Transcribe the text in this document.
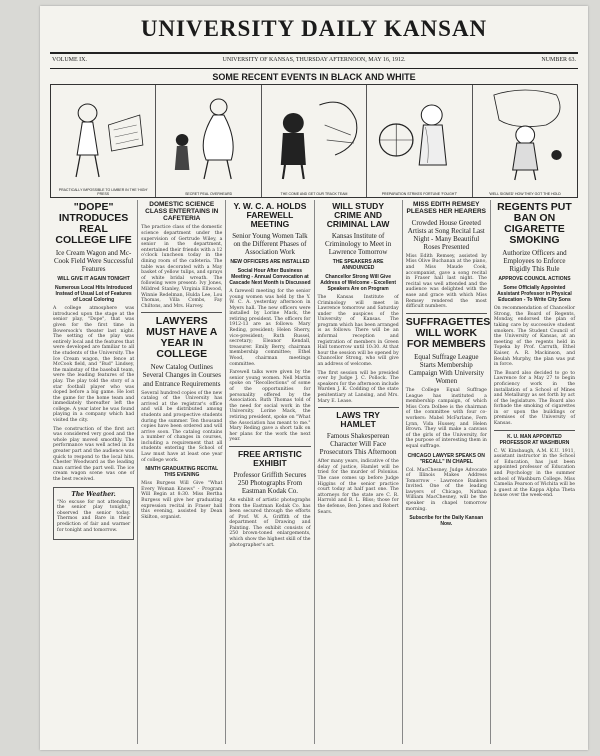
UNIVERSITY DAILY KANSAN
VOLUME IX.	UNIVERSITY OF KANSAS, THURSDAY AFTERNOON, MAY 16, 1912.	NUMBER 63.
SOME RECENT EVENTS IN BLACK AND WHITE
PRACTICALLY IMPOSSIBLE TO LIMBER IN THE 'HIGH' PRESS	SECRET PEAL OVERHEARD	THE COME AND GET OUR TRACK TEAM	PREPARATION STRIKES FORTUNE 'FOUGHT'	'WELL SIGNED' HOW THEY GOT THE HOLD
"DOPE" INTRODUCES REAL COLLEGE LIFE
Ice Cream Wagon and Mc-Cook Field Were Successful Features
WILL GIVE IT AGAIN TONIGHT
Numerous Local Hits Introduced Instead of Usual Lot of Features of Local Coloring

A college atmosphere was introduced upon the stage at the senior play, "Dope", that was given for the first time in Bowersock's theater last night. The setting of the play was entirely local and the features that were developed are familiar to all the students of the University. The Ice Cream wagon, the fence at McCook field, and "Bud" Lindsey, the mainstay of the baseball team, were the leading features of the play. The play told the story of a star football player who was doped before a big game. He lost the game for the home team and immediately thereafter left the college. A year later he was found playing in a company which had visited the city.

The construction of the first act was considered very good and the whole play moved smoothly. The performance was well acted in its greater part and the audience was quick to respond to the local hits. Chester Woodward as the leading man carried the part well. The ice cream wagon scene was one of the best received.

The Weather.

"No excuse for not attending the senior play tonight," observed the senior today. Thermos and Bare in their prediction of fair and warmer for tonight and tomorrow.

DOMESTIC SCIENCE CLASS ENTERTAINS IN CAFETERIA

The practice class of the domestic science department under the supervision of Gertrude Wiley, a senior in the department, entertained their friends with a 12 o'clock luncheon today in the dining room of the cafeteria. The table was decorated with a May basket of yellow tulips, and sprays of white bridal wreath. The following were present: Ivy Jones, Mildred Stanley, Virginia Ellwood, Winnie Redelman, Hulda Lee, Lou Thomas, Villa Combs, Fay Chiltons, and Mrs. Harvey.

LAWYERS MUST HAVE A YEAR IN COLLEGE
New Catalog Outlines Several Changes in Courses and Entrance Requirements

Several hundred copies of the new catalog of the University has arrived at the registrar's office and will be distributed among students and prospective students during the summer. Ten thousand copies have been ordered and will arrive soon. The catalog contains a number of changes in courses, including a requirement that all students entering the School of Law must have at least one year of college work.

NINTH GRADUATING RECITAL THIS EVENING

Miss Burgess Will Give "What Every Woman Knows" - Program Will Begin at 8:30. Miss Bertha Burgess will give her graduating expression recital in Fraser hall this evening, assisted by Dean Skilton, organist.

Y. W. C. A. HOLDS FAREWELL MEETING
Senior Young Women Talk on the Different Phases of Association Work
NEW OFFICERS ARE INSTALLED
Social Hour After Business Meeting - Annual Convocation at Cascade Next Month is Discussed

A farewell meeting for the senior young women was held by the Y. W. C. A. yesterday afternoon in Myers hall. The new officers were installed by Lorine Mack, the retiring president. The officers for 1912-13 are as follows: Mary Reding, president; Helen Sherry, vice-president; Ruth Russel, secretary; Eleanor Kendall, treasurer. Emily Berry, chairman membership committee; Ethel Wood, chairman meetings committee.

Farewell talks were given by the senior young women. Nell Martin spoke on "Recollections" of some of the opportunities for personality offered by the Association. Ruth Thomas told of the need for social work in the University. Lorine Mack, the retiring president, spoke on "What the Association has meant to me." Mary Reding gave a short talk on her plans for the work the next year.

FREE ARTISTIC EXHIBIT
Professor Griffith Secures 250 Photographs From Eastman Kodak Co.

An exhibit of artistic photographs from the Eastman Kodak Co. has been secured through the efforts of Prof. W. A. Griffith of the department of Drawing and Painting. The exhibit consists of 250 brown-toned enlargements, which show the highest skill of the photographer's art.

WILL STUDY CRIME AND CRIMINAL LAW
Kansas Institute of Criminology to Meet in Lawrence Tomorrow
THE SPEAKERS ARE ANNOUNCED
Chancellor Strong Will Give Address of Welcome - Excellent Speakers Are on Program

The Kansas Institute of Criminology will meet in Lawrence tomorrow and Saturday under the auspices of the University of Kansas. The program which has been arranged is as follows: There will be an informal reception and registration of members in Green Hall tomorrow until 10:30. At that hour the session will be opened by Chancellor Strong, who will give an address of welcome.

The first session will be presided over by Judge J. C. Pollock. The speakers for the afternoon include Warden J. K. Codding of the state penitentiary at Lansing, and Mrs. Mary E. Lease.

LAWS TRY HAMLET
Famous Shakesperean Character Will Face Prosecutors This Afternoon

After many years, indicative of the delay of justice, Hamlet will be tried for the murder of Polonius. The case comes up before Judge Higgins of the senior practice court today at half past one. The attorneys for the state are C. R. Harrold and B. L. Bliss; those for the defense, Ben Jones and Robert Sears.

MISS EDITH REMSEY PLEASES HER HEARERS
Crowded House Greeted Artists at Song Recital Last Night - Many Beautiful Roses Presented

Miss Edith Remsey, assisted by Miss Olive Buchanan at the piano, and Miss Maude Cook, accompanist, gave a song recital in Fraser hall last night. The recital was well attended and the audience was delighted with the ease and grace with which Miss Remsey rendered the most difficult numbers.

SUFFRAGETTES WILL WORK FOR MEMBERS
Equal Suffrage League Starts Membership Campaign With University Women

The College Equal Suffrage League has instituted a membership campaign, of which Miss Cora Dolbee is the chairman of the committee with four co-workers: Mabel McFarlane, Fern Lynn, Vida Hussey, and Helen Brown. They will make a canvass of the girls of the University, for the purpose of interesting them in equal suffrage.

CHICAGO LAWYER SPEAKS ON "RECALL" IN CHAPEL

Col. MacChesney, Judge Advocate of Illinois Makes Address Tomorrow - Lawrence Bankers Invited. One of the leading lawyers of Chicago, Nathan William MacChesney, will be the speaker in chapel tomorrow morning.

Subscribe for the Daily Kansan Now.
REGENTS PUT BAN ON CIGARETTE SMOKING
Authorize Officers and Employees to Enforce Rigidly This Rule
APPROVE COUNCIL ACTIONS
Some Officially Appointed Assistant Professor in Physical Education - To Write City Sons

On recommendation of Chancellor Strong, the Board of Regents, Monday, endorsed the plan of taking care by successive student smokers. The Student Council of the University of Kansas, at an meeting of the regents held in Topeka by Prof. Carruth, Ethel Kaiser, A. R. Mackinson, and Beulah Murphy, the plan was put in force.

The Board also decided to go to Lawrence for a May 27 to begin proficiency work in the installation of a School of Mines and Metallurgy as set forth by act of the legislature. The Board also forbade the smoking of cigarettes in or upon the buildings or premises of the University of Kansas.

K. U. MAN APPOINTED PROFESSOR AT WASHBURN

C. W. Kinsbaugh, A.M. K.U. 1911, assistant instructor in the School of Education, has just been appointed professor of Education and Psychology in the summer school of Washburn College. Miss Camelia Pearson of Wichita will be a guest at the Kappa Alpha Theta house over the week-end.
